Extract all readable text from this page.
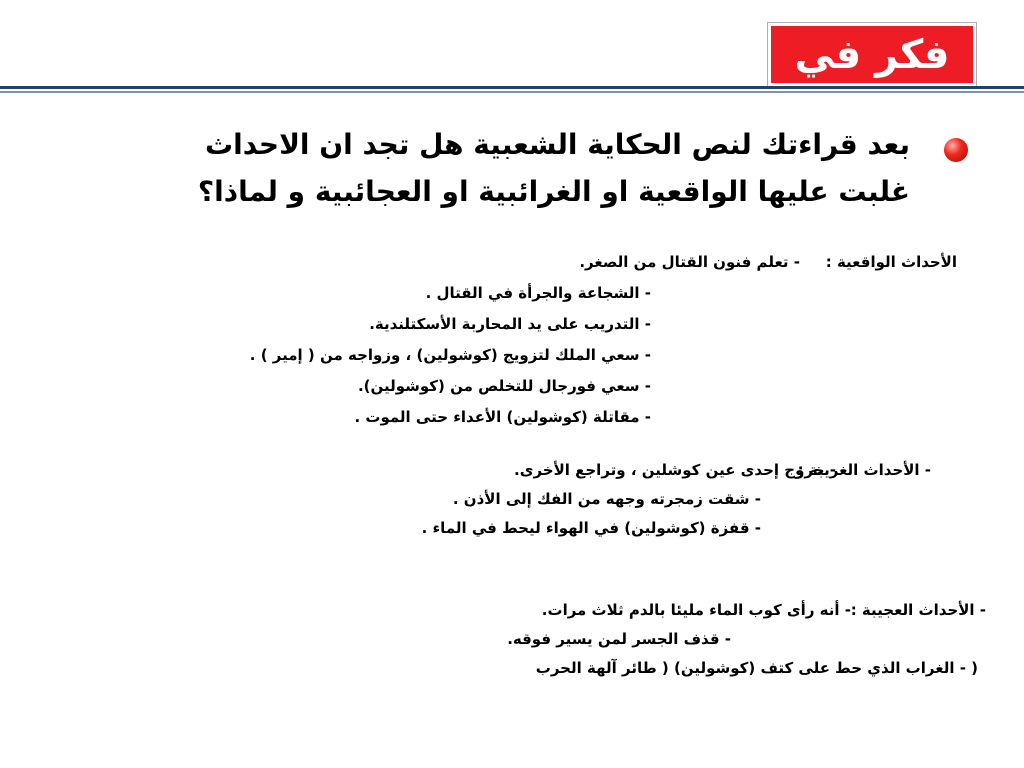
فكر في
بعد قراءتك لنص الحكاية الشعبية هل تجد ان الاحداث
غلبت عليها الواقعية او الغرائبية او العجائبية و لماذا؟
الأحداث الواقعية :
- تعلم فنون القتال من الصغر.
- الشجاعة والجرأة في القتال .
- التدريب على يد المحاربة الأسكتلندية.
- سعي الملك لتزويج (كوشولين) ، وزواجه من ( إمير ) .
- سعي فورجال للتخلص من (كوشولين).
- مقاتلة (كوشولين) الأعداء حتى الموت .
- الأحداث الغريبة :
- خروج إحدى عين كوشلين ، وتراجع الأخرى.
- شقت زمجرته وجهه من الفك إلى الأذن .
- قفزة (كوشولين) في الهواء ليحط في الماء .
- الأحداث العجيبة :
- أنه رأى كوب الماء مليئا بالدم ثلاث مرات.
- قذف الجسر لمن يسير فوقه.
( - الغراب الذي حط على كتف (كوشولين) ( طائر آلهة الحرب
